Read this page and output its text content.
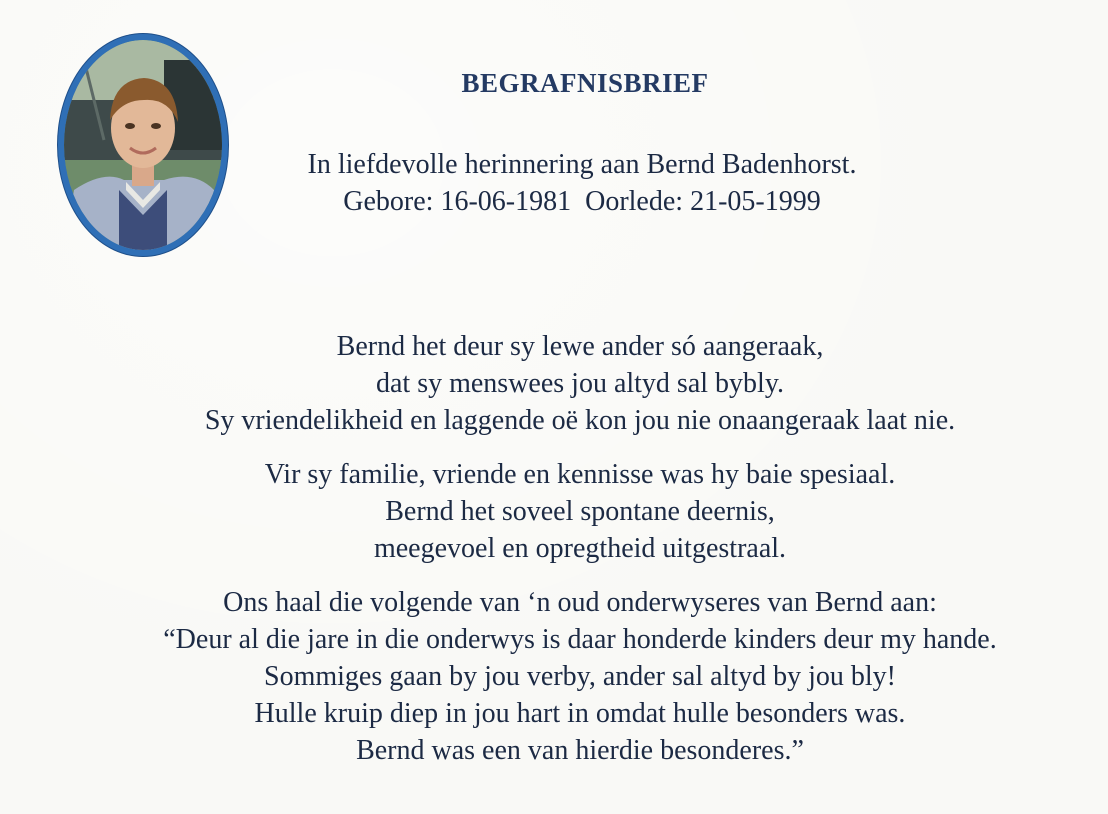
BEGRAFNISBRIEF
In liefdevolle herinnering aan Bernd Badenhorst.
Gebore: 16-06-1981  Oorlede: 21-05-1999
Bernd het deur sy lewe ander só aangeraak,
dat sy menswees jou altyd sal bybly.
Sy vriendelikheid en laggende oë kon jou nie onaangeraak laat nie.
Vir sy familie, vriende en kennisse was hy baie spesiaal.
Bernd het soveel spontane deernis,
meegevoel en opregtheid uitgestraal.
Ons haal die volgende van ‘n oud onderwyseres van Bernd aan:
“Deur al die jare in die onderwys is daar honderde kinders deur my hande.
Sommiges gaan by jou verby, ander sal altyd by jou bly!
Hulle kruip diep in jou hart in omdat hulle besonders was.
Bernd was een van hierdie besonderes.”
